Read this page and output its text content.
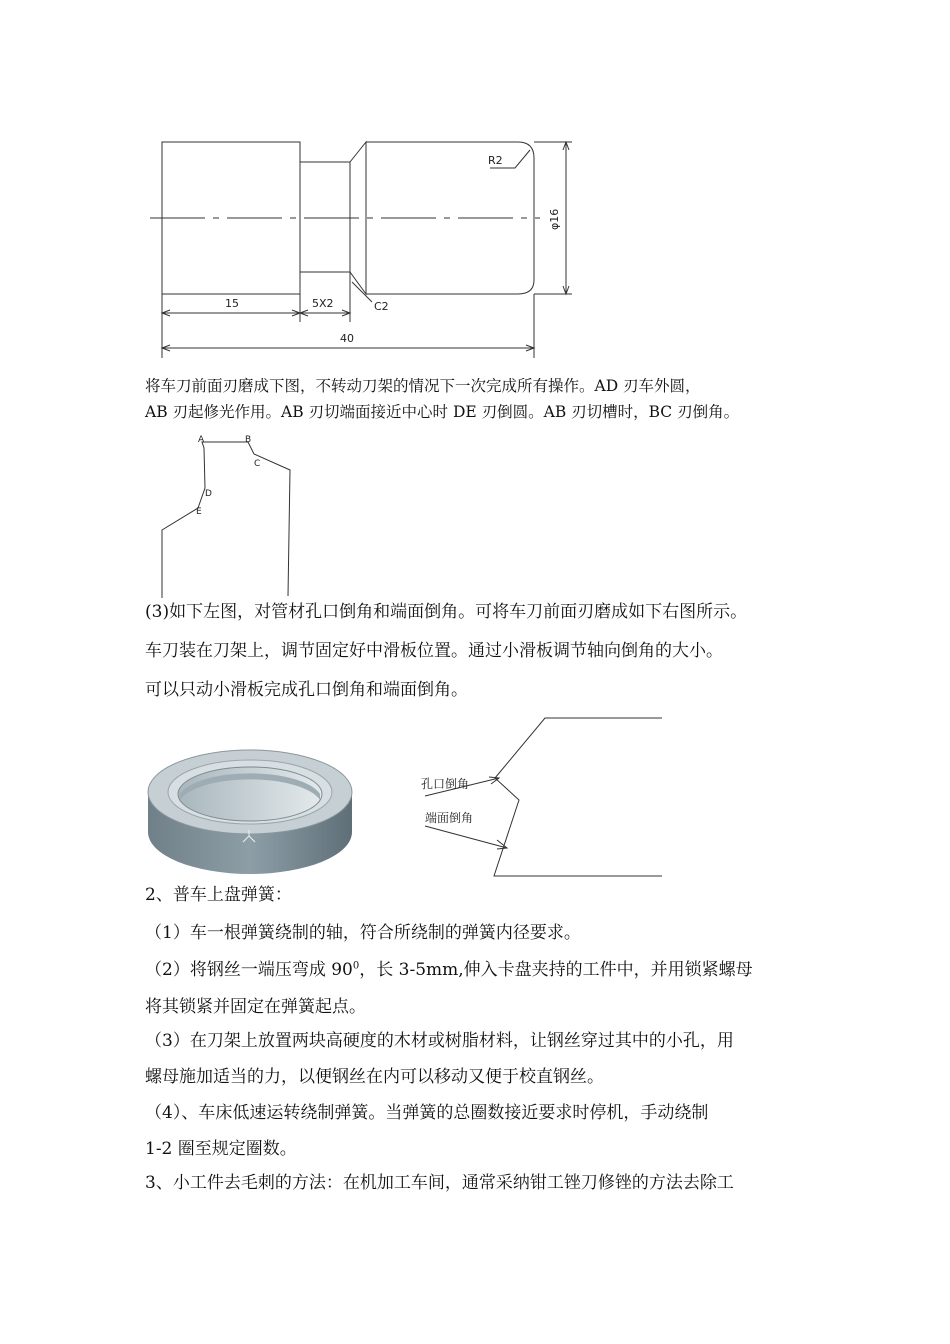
R2
φ16
C2
15	5X2
40
将车刀前面刃磨成下图，不转动刀架的情况下一次完成所有操作。AD 刃车外圆，
AB 刃起修光作用。AB 刃切端面接近中心时 DE 刃倒圆。AB 刃切槽时，BC 刃倒角。
A	B
C
D
E
(3)如下左图，对管材孔口倒角和端面倒角。可将车刀前面刃磨成如下右图所示。
车刀装在刀架上，调节固定好中滑板位置。通过小滑板调节轴向倒角的大小。
可以只动小滑板完成孔口倒角和端面倒角。
孔口倒角
端面倒角
2、普车上盘弹簧：
（1）车一根弹簧绕制的轴，符合所绕制的弹簧内径要求。
（2）将钢丝一端压弯成 $90^0$，长 3-5mm,伸入卡盘夹持的工件中，并用锁紧螺母
将其锁紧并固定在弹簧起点。
（3）在刀架上放置两块高硬度的木材或树脂材料，让钢丝穿过其中的小孔，用
螺母施加适当的力，以便钢丝在内可以移动又便于校直钢丝。
（4）、车床低速运转绕制弹簧。当弹簧的总圈数接近要求时停机，手动绕制
1-2 圈至规定圈数。
3、小工件去毛刺的方法：在机加工车间，通常采纳钳工锉刀修锉的方法去除工
